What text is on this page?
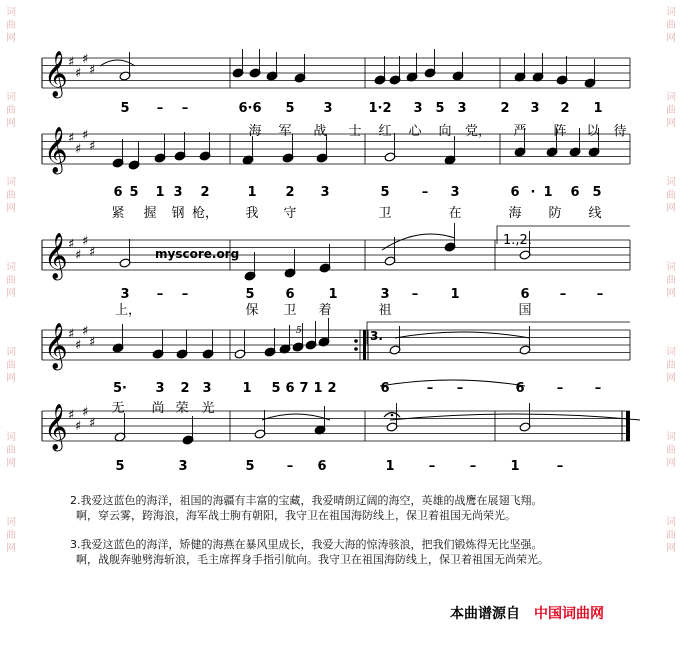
词
曲
网
词
曲
网
词
曲
网
词
曲
网
词
曲
网
词
曲
网
词
曲
网
词
曲
网
词
曲
网
词
曲
网
词
曲
网
词
曲
网
词
曲
网
词
曲
网
𝄞 ♯
♯
♯
♯
𝄞 ♯
♯
♯
♯
𝄞 ♯
♯
♯
♯
𝄞 ♯
♯
♯
♯
𝄞 ♯
♯
♯
♯
5 – –	6·6 5 3	1·2 3 5 3	2 3 2 1
6 5 1 3 2	1 2 3	5 – 3	6 · 1 6 5
3 – –	5 6	1	3 – 1	6 – –
5· 3 2 3 1 5 6 7 1 2	6	– –	6 – –
5	3	5 – 6	1	–	–	1	–
海 军 战 士 红 心 向 党， 严 阵 以 待
紧 握 钢 枪， 我 守	卫	在	海 防 线
上，	保 卫 着	祖	国
无 尚 荣 光
myscore.org
1.,2.
3.
5

2.我爱这蓝色的海洋，祖国的海疆有丰富的宝藏，我爱晴朗辽阔的海空，英雄的战鹰在展翅飞翔。

啊，穿云雾，跨海浪，海军战士朐有朝阳，我守卫在祖国海防线上，保卫着祖国无尚荣光。

3.我爱这蓝色的海洋，矫健的海燕在暴风里成长，我爱大海的惊涛骇浪，把我们锻炼得无比坚强。

啊，战舰奔驰劈海斩浪，毛主席挥身手指引航向。我守卫在祖国海防线上，保卫着祖国无尚荣光。

本曲谱源自 中国词曲网
